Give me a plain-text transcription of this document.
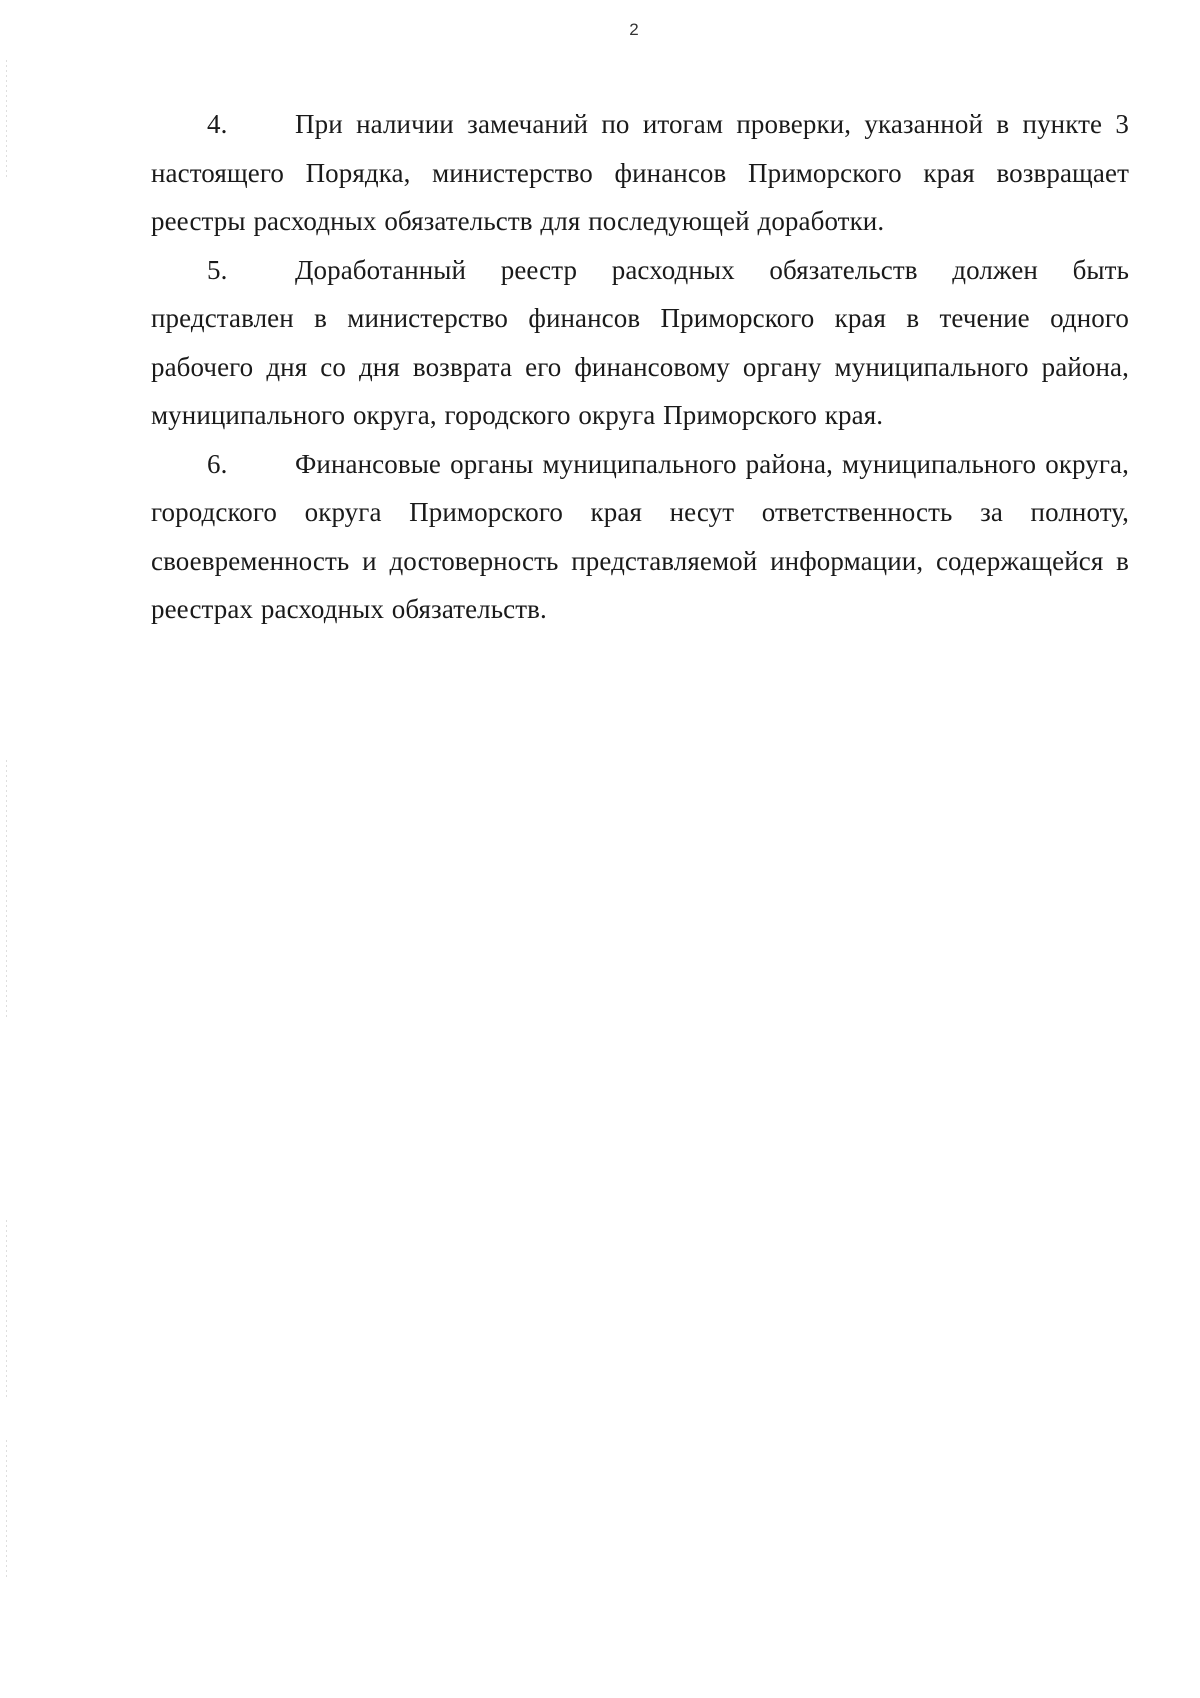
2

4.	При наличии замечаний по итогам проверки, указанной в пункте 3 настоящего Порядка, министерство финансов Приморского края возвращает реестры расходных обязательств для последующей доработки.

5.	Доработанный реестр расходных обязательств должен быть представлен в министерство финансов Приморского края в течение одного рабочего дня со дня возврата его финансовому органу муниципального района, муниципального округа, городского округа Приморского края.

6.	Финансовые органы муниципального района, муниципального округа, городского округа Приморского края несут ответственность за полноту, своевременность и достоверность представляемой информации, содержащейся в реестрах расходных обязательств.
